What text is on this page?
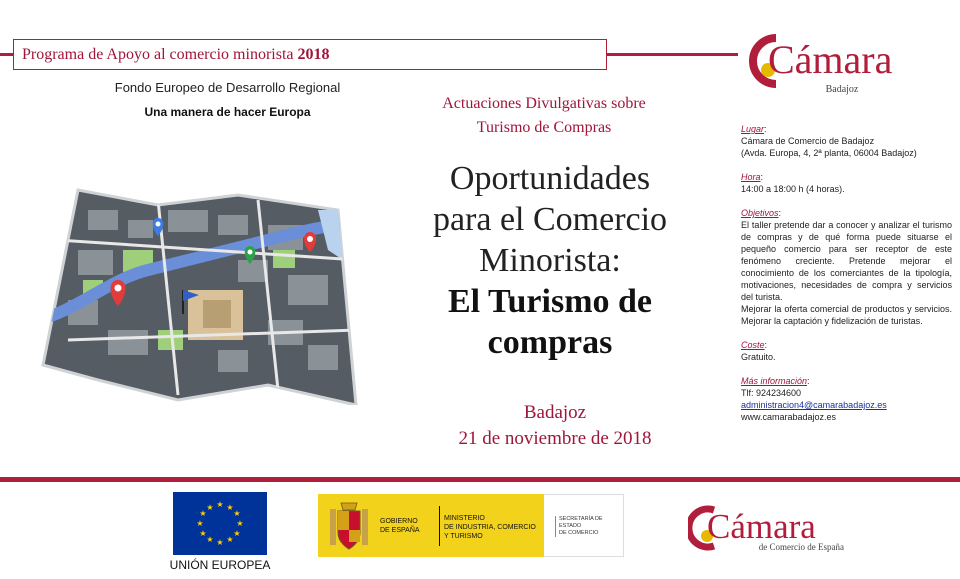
Programa de Apoyo al comercio minorista 2018
Fondo Europeo de Desarrollo Regional
Una manera de hacer Europa
Cámara
Badajoz
Actuaciones Divulgativas sobre
Turismo de Compras
Oportunidades
para el Comercio
Minorista:
El Turismo de
compras
Badajoz
21 de noviembre de 2018

Lugar:

Cámara de Comercio de Badajoz

(Avda. Europa, 4, 2ª planta, 06004 Badajoz)

Hora:

14:00 a 18:00 h (4 horas).

Objetivos:

El taller pretende dar a conocer y analizar el turismo de compras y de qué forma puede situarse el pequeño comercio para ser receptor de este fenómeno creciente. Pretende mejorar el conocimiento de los comerciantes de la tipología, motivaciones, necesidades de compra y servicios del turista.

Mejorar la oferta comercial de productos y servicios. Mejorar la captación y fidelización de turistas.

Coste:

Gratuito.

Más información:

Tlf: 924234600

administracion4@camarabadajoz.es

www.camarabadajoz.es

★ ★
★
★
★
★
★
★
★
★
★
★
UNIÓN EUROPEA
GOBIERNO
DE ESPAÑA
MINISTERIO
DE INDUSTRIA, COMERCIO
Y TURISMO
SECRETARÍA DE ESTADO
DE COMERCIO	Cámara
de Comercio de España
